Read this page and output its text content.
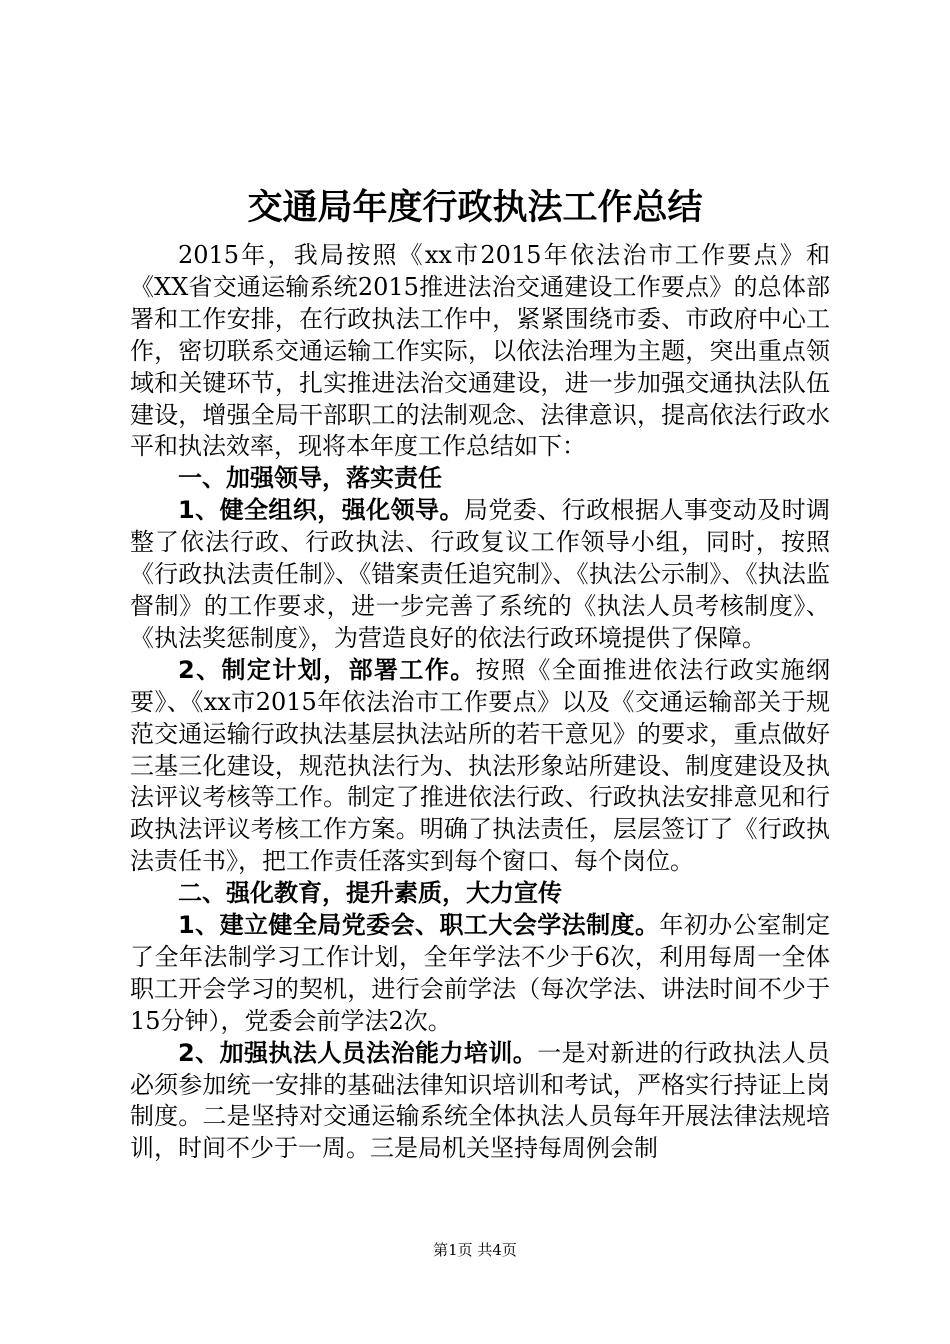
交通局年度行政执法工作总结

2015年，我局按照《xx市2015年依法治市工作要点》和《XX省交通运输系统2015推进法治交通建设工作要点》的总体部署和工作安排，在行政执法工作中，紧紧围绕市委、市政府中心工作，密切联系交通运输工作实际，以依法治理为主题，突出重点领域和关键环节，扎实推进法治交通建设，进一步加强交通执法队伍建设，增强全局干部职工的法制观念、法律意识，提高依法行政水平和执法效率，现将本年度工作总结如下：

一、加强领导，落实责任

1、健全组织，强化领导。局党委、行政根据人事变动及时调整了依法行政、行政执法、行政复议工作领导小组，同时，按照《行政执法责任制》、《错案责任追究制》、《执法公示制》、《执法监督制》的工作要求，进一步完善了系统的《执法人员考核制度》、《执法奖惩制度》，为营造良好的依法行政环境提供了保障。

2、制定计划，部署工作。按照《全面推进依法行政实施纲要》、《xx市2015年依法治市工作要点》以及《交通运输部关于规范交通运输行政执法基层执法站所的若干意见》的要求，重点做好三基三化建设，规范执法行为、执法形象站所建设、制度建设及执法评议考核等工作。制定了推进依法行政、行政执法安排意见和行政执法评议考核工作方案。明确了执法责任，层层签订了《行政执法责任书》，把工作责任落实到每个窗口、每个岗位。

二、强化教育，提升素质，大力宣传

1、建立健全局党委会、职工大会学法制度。年初办公室制定了全年法制学习工作计划，全年学法不少于6次，利用每周一全体职工开会学习的契机，进行会前学法（每次学法、讲法时间不少于15分钟），党委会前学法2次。

2、加强执法人员法治能力培训。一是对新进的行政执法人员必须参加统一安排的基础法律知识培训和考试，严格实行持证上岗制度。二是坚持对交通运输系统全体执法人员每年开展法律法规培训，时间不少于一周。三是局机关坚持每周例会制

第1页 共4页
